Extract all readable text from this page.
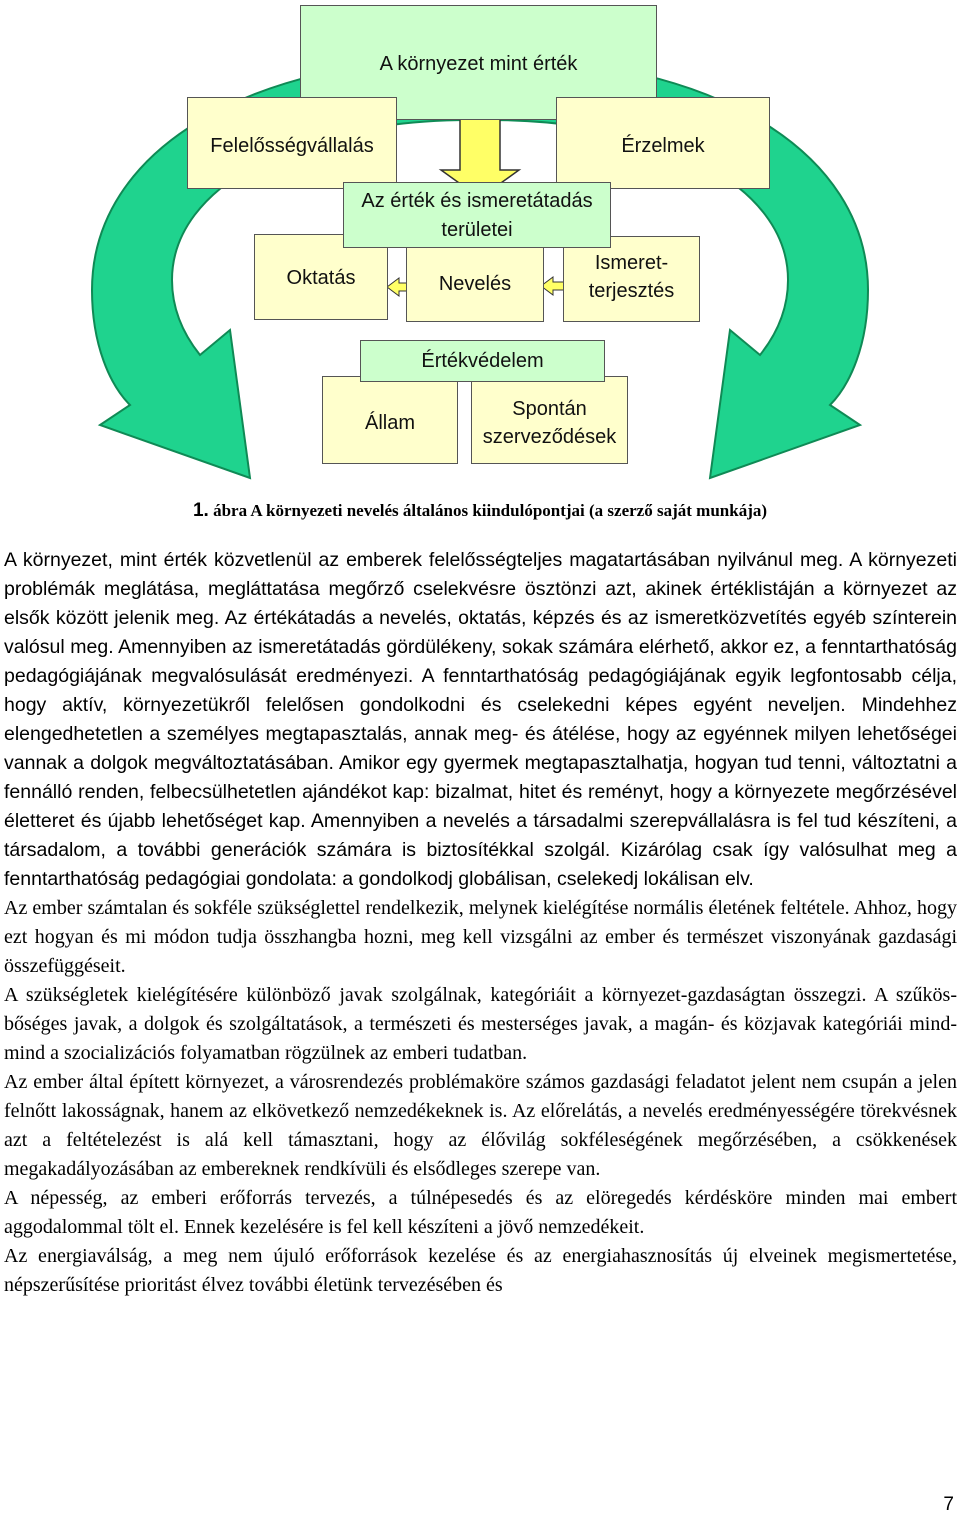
A környezet mint érték
Felelősségvállalás	Érzelmek
Oktatás	Nevelés
Ismeret-
terjesztés
Az érték és ismeretátadás területei
Állam
Spontán
szerveződések
Értékvédelem
1. ábra A környezeti nevelés általános kiindulópontjai (a szerző saját munkája)

A környezet, mint érték közvetlenül az emberek felelősségteljes magatartásában nyilvánul meg. A környezeti problémák meglátása, megláttatása megőrző cselekvésre ösztönzi azt, akinek értéklistáján a környezet az elsők között jelenik meg. Az értékátadás a nevelés, oktatás, képzés és az ismeretközvetítés egyéb színterein valósul meg. Amennyiben az ismeretátadás gördülékeny, sokak számára elérhető, akkor ez, a fenntarthatóság pedagógiájának megvalósulását eredményezi. A fenntarthatóság pedagógiájának egyik legfontosabb célja, hogy aktív, környezetükről felelősen gondolkodni és cselekedni képes egyént neveljen. Mindehhez elengedhetetlen a személyes megtapasztalás, annak meg- és átélése, hogy az egyénnek milyen lehetőségei vannak a dolgok megváltoztatásában. Amikor egy gyermek megtapasztalhatja, hogyan tud tenni, változtatni a fennálló renden, felbecsülhetetlen ajándékot kap: bizalmat, hitet és reményt, hogy a környezete megőrzésével életteret és újabb lehetőséget kap. Amennyiben a nevelés a társadalmi szerepvállalásra is fel tud készíteni, a társadalom, a további generációk számára is biztosítékkal szolgál. Kizárólag csak így valósulhat meg a fenntarthatóság pedagógiai gondolata: a gondolkodj globálisan, cselekedj lokálisan elv.

Az ember számtalan és sokféle szükséglettel rendelkezik, melynek kielégítése normális életének feltétele. Ahhoz, hogy ezt hogyan és mi módon tudja összhangba hozni, meg kell vizsgálni az ember és természet viszonyának gazdasági összefüggéseit.

A szükségletek kielégítésére különböző javak szolgálnak, kategóriáit a környezet-gazdaságtan összegzi. A szűkös-bőséges javak, a dolgok és szolgáltatások, a természeti és mesterséges javak, a magán- és közjavak kategóriái mind-mind a szocializációs folyamatban rögzülnek az emberi tudatban.

Az ember által épített környezet, a városrendezés problémaköre számos gazdasági feladatot jelent nem csupán a jelen felnőtt lakosságnak, hanem az elkövetkező nemzedékeknek is. Az előrelátás, a nevelés eredményességére törekvésnek azt a feltételezést is alá kell támasztani, hogy az élővilág sokféleségének megőrzésében, a csökkenések megakadályozásában az embereknek rendkívüli és elsődleges szerepe van.

A népesség, az emberi erőforrás tervezés, a túlnépesedés és az elöregedés kérdésköre minden mai embert aggodalommal tölt el. Ennek kezelésére is fel kell készíteni a jövő nemzedékeit.

Az energiaválság, a meg nem újuló erőforrások kezelése és az energiahasznosítás új elveinek megismertetése, népszerűsítése prioritást élvez további életünk tervezésében és

7
